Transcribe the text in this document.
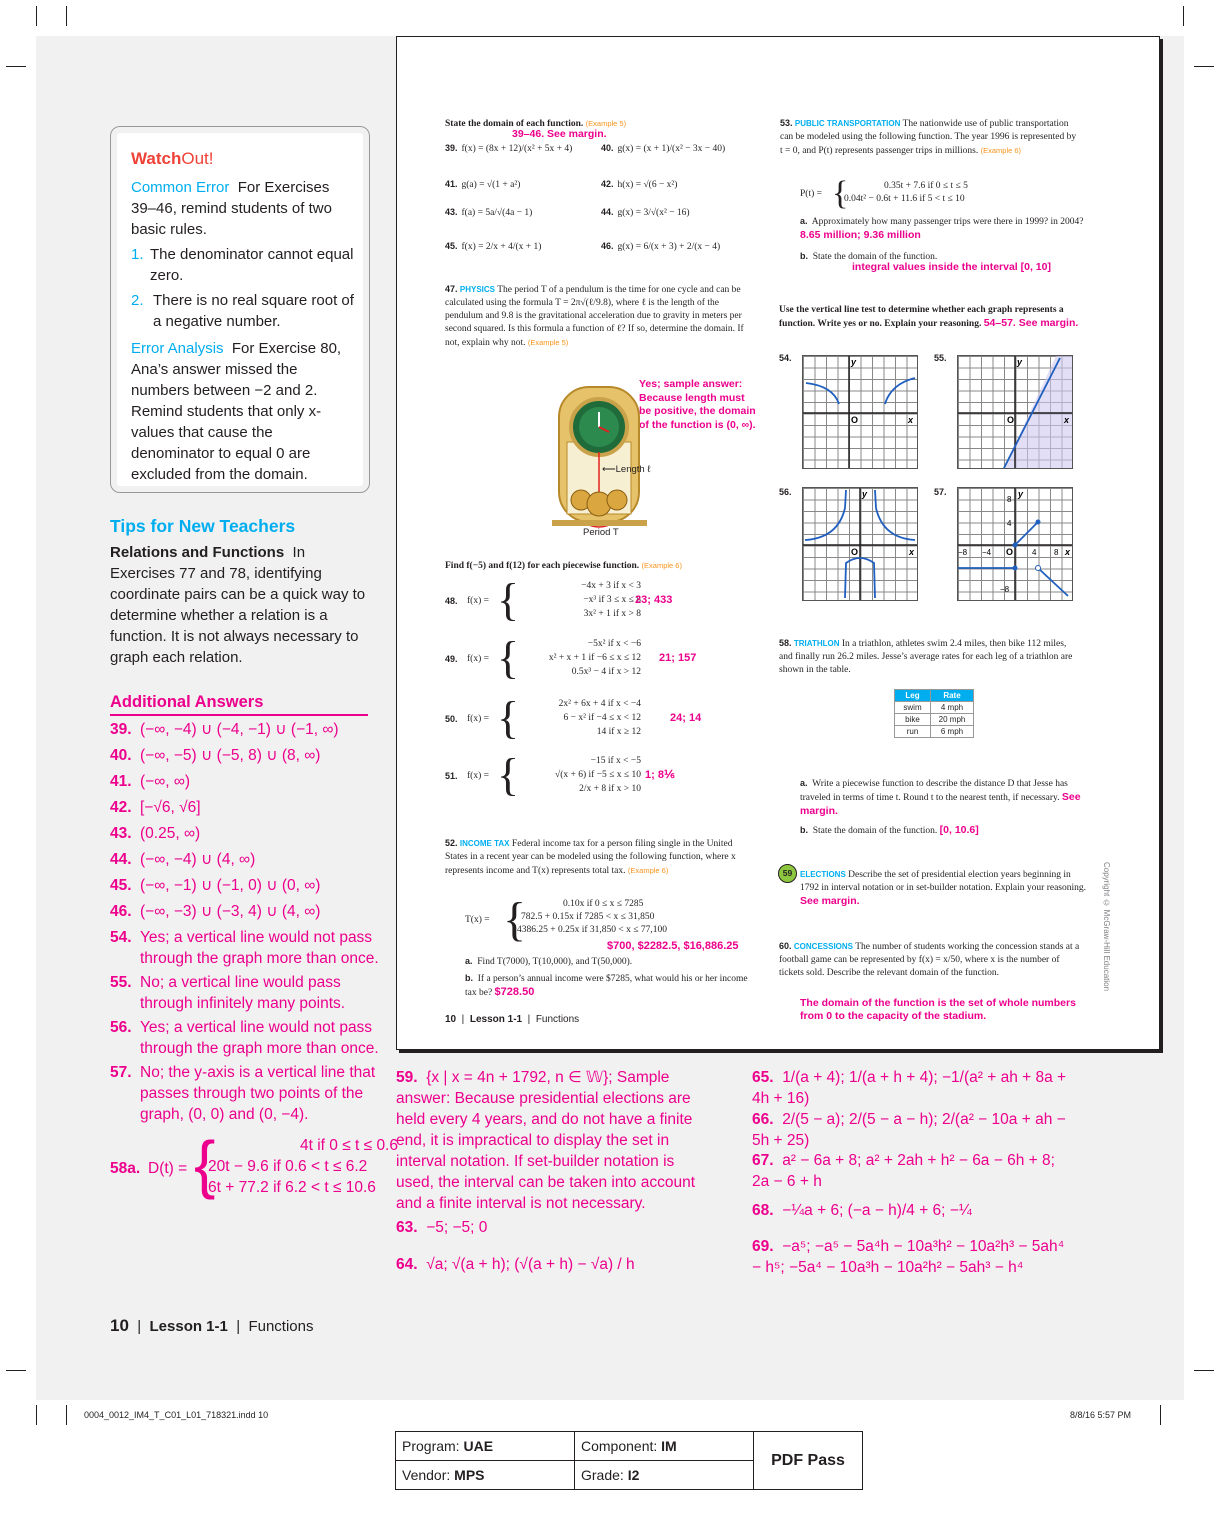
WatchOut!
Common Error For Exercises 39–46, remind students of two basic rules.
1. The denominator cannot equal zero.
2. There is no real square root of a negative number.
Error Analysis For Exercise 80, Ana’s answer missed the numbers between −2 and 2. Remind students that only x-values that cause the denominator to equal 0 are excluded from the domain.
Tips for New Teachers
Relations and Functions In Exercises 77 and 78, identifying coordinate pairs can be a quick way to determine whether a relation is a function. It is not always necessary to graph each relation.
Additional Answers
39. (−∞, −4) ∪ (−4, −1) ∪ (−1, ∞)
40. (−∞, −5) ∪ (−5, 8) ∪ (8, ∞)
41. (−∞, ∞)
42. [−√6, √6]
43. (0.25, ∞)
44. (−∞, −4) ∪ (4, ∞)
45. (−∞, −1) ∪ (−1, 0) ∪ (0, ∞)
46. (−∞, −3) ∪ (−3, 4) ∪ (4, ∞)
54. Yes; a vertical line would not pass through the graph more than once.
55. No; a vertical line would pass through infinitely many points.
56. Yes; a vertical line would not pass through the graph more than once.
57. No; the y-axis is a vertical line that passes through two points of the graph, (0, 0) and (0, −4).
58a. D(t) = {	4t if 0 ≤ t ≤ 0.6
20t − 9.6 if 0.6 < t ≤ 6.2
6t + 77.2 if 6.2 < t ≤ 10.6
State the domain of each function. (Example 5)
39–46. See margin.
39. f(x) = (8x + 12)/(x² + 5x + 4)	40. g(x) = (x + 1)/(x² − 3x − 40)
41. g(a) = √(1 + a²)	42. h(x) = √(6 − x²)
43. f(a) = 5a/√(4a − 1)	44. g(x) = 3/√(x² − 16)
45. f(x) = 2/x + 4/(x + 1)	46. g(x) = 6/(x + 3) + 2/(x − 4)
47. PHYSICS The period T of a pendulum is the time for one cycle and can be calculated using the formula T = 2π√(ℓ/9.8), where ℓ is the length of the pendulum and 9.8 is the gravitational acceleration due to gravity in meters per second squared. Is this formula a function of ℓ? If so, determine the domain. If not, explain why not. (Example 5)
Yes; sample answer: Because length must be positive, the domain of the function is (0, ∞).
⟵Length ℓ
Period T
Find f(−5) and f(12) for each piecewise function. (Example 6)
48. f(x) = {	−4x + 3 if x < 3
−x³ if 3 ≤ x ≤ 8
3x² + 1 if x > 8
23; 433
49. f(x) = {	−5x² if x < −6
x² + x + 1 if −6 ≤ x ≤ 12
0.5x³ − 4 if x > 12
21; 157
50. f(x) = {	2x² + 6x + 4 if x < −4
6 − x² if −4 ≤ x < 12
14 if x ≥ 12
24; 14
51. f(x) = {	−15 if x < −5
√(x + 6) if −5 ≤ x ≤ 10
2/x + 8 if x > 10
1; 8⅙
52. INCOME TAX Federal income tax for a person filing single in the United States in a recent year can be modeled using the following function, where x represents income and T(x) represents total tax. (Example 6)
T(x) = {	0.10x if 0 ≤ x ≤ 7285
782.5 + 0.15x if 7285 < x ≤ 31,850
4386.25 + 0.25x if 31,850 < x ≤ 77,100
$700, $2282.5, $16,886.25
a. Find T(7000), T(10,000), and T(50,000).
b. If a person’s annual income were $7285, what would his or her income tax be? $728.50
10  |  Lesson 1-1  |  Functions
53. PUBLIC TRANSPORTATION The nationwide use of public transportation can be modeled using the following function. The year 1996 is represented by t = 0, and P(t) represents passenger trips in millions. (Example 6)
P(t) = {	0.35t + 7.6 if 0 ≤ t ≤ 5
0.04t² − 0.6t + 11.6 if 5 < t ≤ 10
a. Approximately how many passenger trips were there in 1999? in 2004? 8.65 million; 9.36 million
b. State the domain of the function.
integral values inside the interval [0, 10]
Use the vertical line test to determine whether each graph represents a function. Write yes or no. Explain your reasoning. 54–57. See margin.
54.
O
y
x
55.
O
y
x
56.
O
y
x
57.
O
−8 −4	4 8
8
4
−8
y
x
58. TRIATHLON In a triathlon, athletes swim 2.4 miles, then bike 112 miles, and finally run 26.2 miles. Jesse’s average rates for each leg of a triathlon are shown in the table.
Leg	Rate
swim	4 mph
bike	20 mph
run	6 mph
a. Write a piecewise function to describe the distance D that Jesse has traveled in terms of time t. Round t to the nearest tenth, if necessary. See margin.
b. State the domain of the function. [0, 10.6]
59 ELECTIONS Describe the set of presidential election years beginning in 1792 in interval notation or in set-builder notation. Explain your reasoning. See margin.
60. CONCESSIONS The number of students working the concession stands at a football game can be represented by f(x) = x/50, where x is the number of tickets sold. Describe the relevant domain of the function.
The domain of the function is the set of whole numbers from 0 to the capacity of the stadium.
Copyright © McGraw-Hill Education
59. {x | x = 4n + 1792, n ∈ 𝕎}; Sample answer: Because presidential elections are held every 4 years, and do not have a finite end, it is impractical to display the set in interval notation. If set-builder notation is used, the interval can be taken into account and a finite interval is not necessary.
63. −5; −5; 0
64. √a; √(a + h); (√(a + h) − √a) / h
65. 1/(a + 4); 1/(a + h + 4); −1/(a² + ah + 8a + 4h + 16)
66. 2/(5 − a); 2/(5 − a − h); 2/(a² − 10a + ah − 5h + 25)
67. a² − 6a + 8; a² + 2ah + h² − 6a − 6h + 8; 2a − 6 + h
68. −¼a + 6; (−a − h)/4 + 6; −¼
69. −a⁵; −a⁵ − 5a⁴h − 10a³h² − 10a²h³ − 5ah⁴ − h⁵; −5a⁴ − 10a³h − 10a²h² − 5ah³ − h⁴
10  |  Lesson 1-1  |  Functions
0004_0012_IM4_T_C01_L01_718321.indd 10	8/8/16 5:57 PM
Program: UAE	Component: IM	PDF Pass
Vendor: MPS	Grade: I2	
